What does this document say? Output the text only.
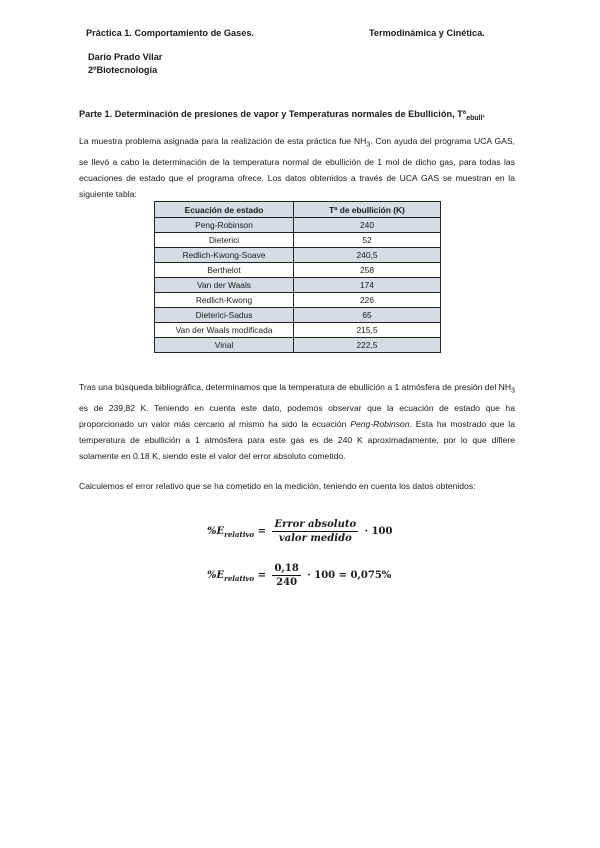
Práctica 1. Comportamiento de Gases.	Termodinámica y Cinética.
Darío Prado Vilar
2ºBiotecnología
Parte 1. Determinación de presiones de vapor y Temperaturas normales de Ebullición, Tª$_{ebull}$.
La muestra problema asignada para la realización de esta práctica fue $NH_3$. Con ayuda del programa UCA GAS, se llevó a cabo la determinación de la temperatura normal de ebullición de 1 mol de dicho gas, para todas las ecuaciones de estado que el programa ofrece. Los datos obtenidos a través de UCA GAS se muestran en la siguiente tabla:
Ecuación de estado	Tª de ebullición (K)
Peng-Robinson	240
Dieterici	52
Redlich-Kwong-Soave	240,5
Berthelot	258
Van der Waals	174
Redlich-Kwong	226
Dieterici-Sadus	65
Van der Waals modificada	215,5
Virial	222,5
Tras una búsqueda bibliográfica, determinamos que la temperatura de ebullición a 1 atmósfera de presión del $NH_3$ es de 239,82 K. Teniendo en cuenta este dato, podemos observar que la ecuación de estado que ha proporcionado un valor más cercano al mismo ha sido la ecuación Peng-Robinson. Esta ha mostrado que la temperatura de ebullición a 1 atmósfera para este gas es de 240 K aproximadamente, por lo que difiere solamente en 0.18 K, siendo este el valor del error absoluto cometido.
Calculemos el error relativo que se ha cometido en la medición, teniendo en cuenta los datos obtenidos:
$\%E_{relativo} = \frac{\text{Error absoluto}}{\text{valor medido}} \cdot 100$
$\%E_{relativo} = \frac{0,18}{240} \cdot 100 = 0,075\%$
